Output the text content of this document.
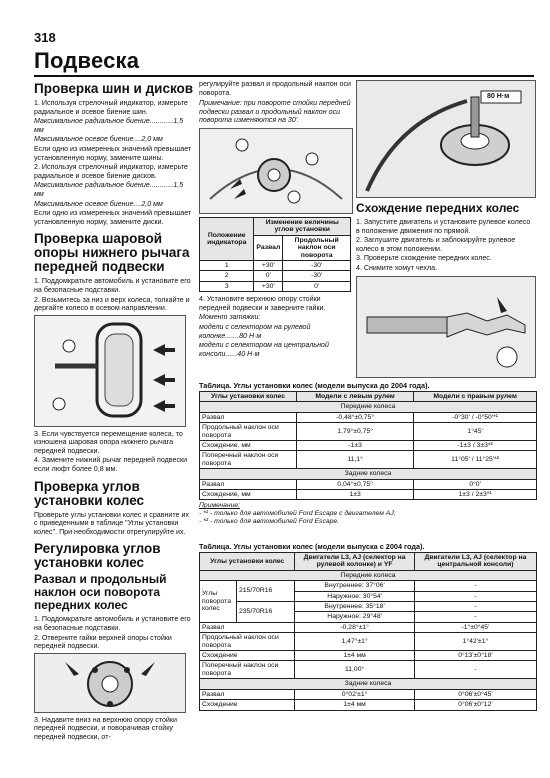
318
Подвеска
Проверка шин и дисков

1. Используя стрелочный индикатор, измерьте радиальное и осевое биение шин.

Максимальное радиальное биение............1,5 мм

Максимальное осевое биение....2,0 мм

Если одно из измеренных значений превышает установленную норму, замените шины.

2. Используя стрелочный индикатор, измерьте радиальное и осевое биение дисков.

Максимальное радиальное биение............1,5 мм

Максимальное осевое биение....2,0 мм

Если одно из измеренных значений превышает установленную норму, замените диски.

Проверка шаровой опоры нижнего рычага передней подвески

1. Поддомкратьте автомобиль и установите его на безопасные подставки.

2. Возьмитесь за низ и верх колеса, толкайте и дергайте колесо в осевом направлении.

3. Если чувствуется перемещение колеса, то изношена шаровая опора нижнего рычага передней подвески.

4. Замените нижний рычаг передней подвески если люфт более 0,8 мм.

Проверка углов установки колес

Проверьте углы установки колес и сравните их с приведенными в таблице "Углы установки колес". При необходимости отрегулируйте их.

Регулировка углов установки колес
Развал и продольный наклон оси поворота передних колес

1. Поддомкратьте автомобиль и установите его на безопасные подставки.

2. Отверните гайки верхней опоры стойки передней подвески.

3. Надавите вниз на верхнюю опору стойки передней подвески, и поворачивая стойку передней подвески, от-

регулируйте развал и продольный наклон оси поворота.

Примечание: при повороте стойки передней подвески развал и продольный наклон оси поворота изменяются на 30'.

Положение индикатора	Изменение величины углов установки	
	Развал	Продольный наклон оси поворота
1	+30'	-30'
2	0'	-30'
3	+30'	0'

4. Установите верхнюю опору стойки передней подвески и заверните гайки.

Момент затяжки:

модели с селектором на рулевой колонке.......80 Н·м

модели с селектором на центральной консоли......40 Н·м

80 Н·м
Схождение передних колес

1. Запустите двигатель и установите рулевое колесо в положение движения по прямой.

2. Заглушите двигатель и заблокируйте рулевое колесо в этом положении.

3. Проверьте схождение передних колес.

4. Снимите хомут чехла.

Таблица. Углы установки колес (модели выпуска до 2004 года).
Углы установки колес	Модели с левым рулем	Модели с правым рулем
Передние колеса		
Развал	-0,48°±0,75°	-0°30' / -0°50'*¹
Продольный наклон оси поворота	1,79°±0,75°	1°45'
Схождение, мм	-1±3	-1±3 / 3±3*²
Поперечный наклон оси поворота	11,1°	11°05' / 11°25'*²
Задние колеса		
Развал	0,04°±0,75°	0°0'
Схождение, мм	1±3	1±3 / 2±3*¹
Примечание:
- *¹ - только для автомобилей Ford Escape с двигателем AJ;
- *² - только для автомобилей Ford Escape.
Таблица. Углы установки колес (модели выпуска с 2004 года).
Углы установки колес		Двигатели L3, AJ (селектор на рулевой колонке) и YF	Двигатели L3, AJ (селектор на центральной консоли)
Передние колеса			
Углы поворота колес	215/70R16	Внутреннее: 37°06'	-
		Наружное: 30°54'	-
	235/70R16	Внутреннее: 35°18'	-
		Наружное: 29°48'	-
Развал		-0,28°±1°	-1°±0°45'
Продольный наклон оси поворота		1,47°±1°	1°42'±1°
Схождение		1±4 мм	0°13'±0°18'
Поперечный наклон оси поворота		11,00°	-
Задние колеса			
Развал		0°02'±1°	0°06'±0°45'
Схождение		1±4 мм	0°06'±0°12'
